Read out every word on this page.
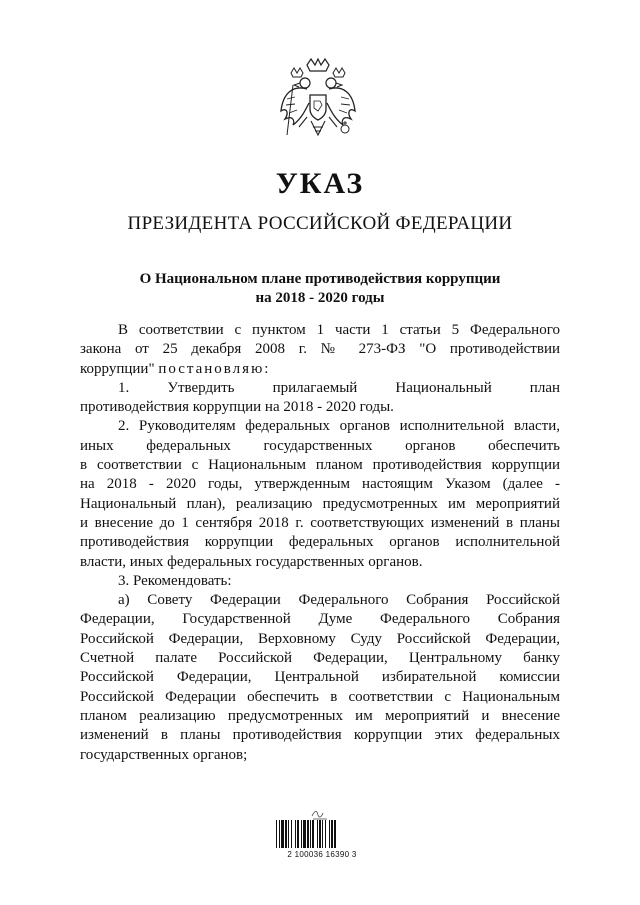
УКАЗ
ПРЕЗИДЕНТА РОССИЙСКОЙ ФЕДЕРАЦИИ
О Национальном плане противодействия коррупции
на 2018 - 2020 годы

В соответствии с пунктом 1 части 1 статьи 5 Федерального

закона от 25 декабря 2008 г. № 273-ФЗ "О противодействии

коррупции" постановляю:

1. Утвердить прилагаемый Национальный план

противодействия коррупции на 2018 - 2020 годы.

2. Руководителям федеральных органов исполнительной власти,

иных федеральных государственных органов обеспечить

в соответствии с Национальным планом противодействия коррупции

на 2018 - 2020 годы, утвержденным настоящим Указом (далее -

Национальный план), реализацию предусмотренных им мероприятий

и внесение до 1 сентября 2018 г. соответствующих изменений в планы

противодействия коррупции федеральных органов исполнительной

власти, иных федеральных государственных органов.

3. Рекомендовать:

а) Совету Федерации Федерального Собрания Российской

Федерации, Государственной Думе Федерального Собрания

Российской Федерации, Верховному Суду Российской Федерации,

Счетной палате Российской Федерации, Центральному банку

Российской Федерации, Центральной избирательной комиссии

Российской Федерации обеспечить в соответствии с Национальным

планом реализацию предусмотренных им мероприятий и внесение

изменений в планы противодействия коррупции этих федеральных

государственных органов;

2 100036 16390 3
